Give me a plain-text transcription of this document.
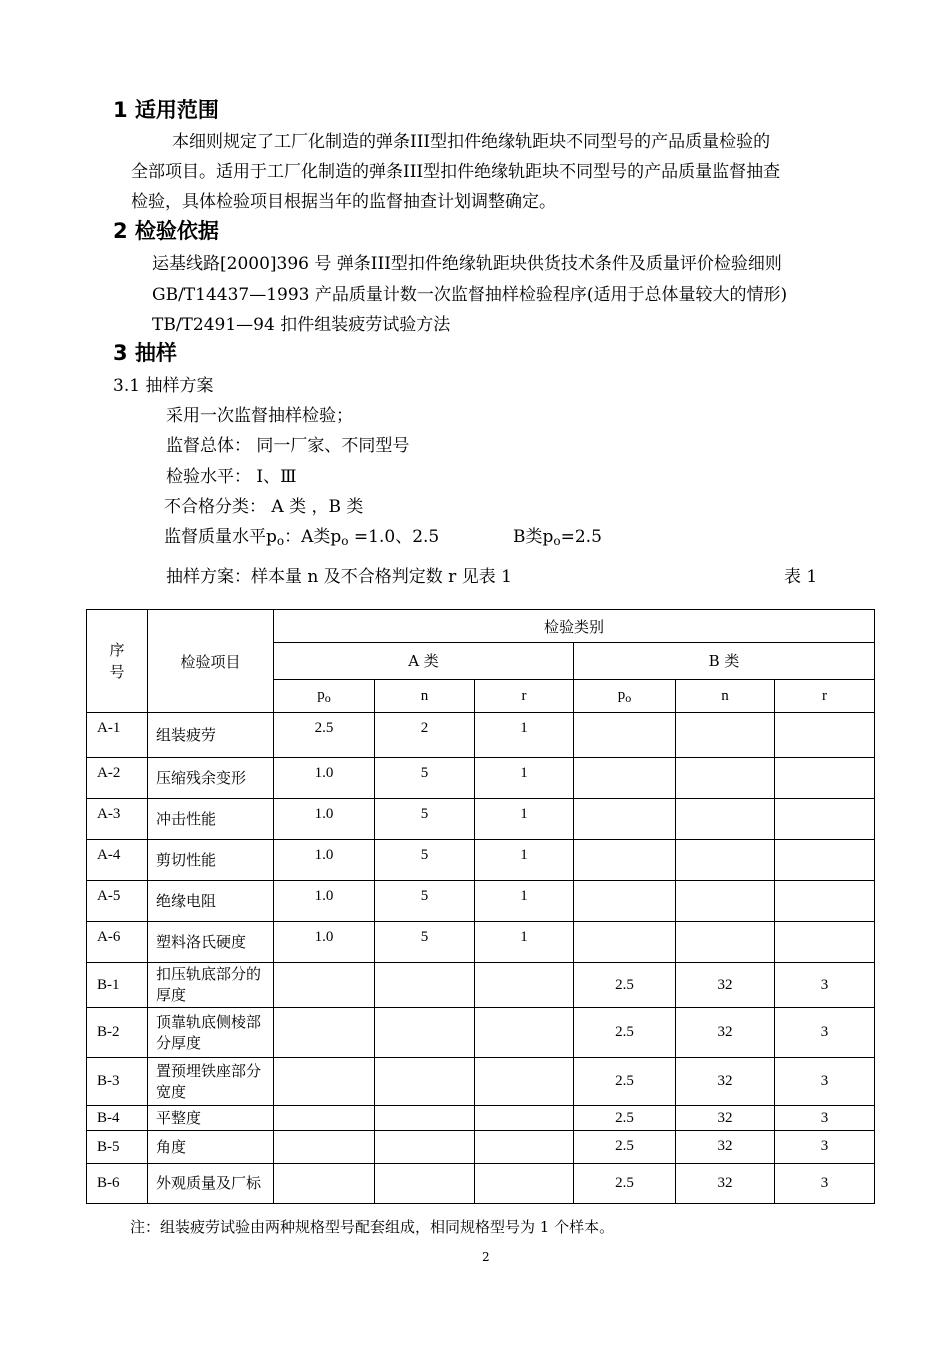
1 适用范围
本细则规定了工厂化制造的弹条III型扣件绝缘轨距块不同型号的产品质量检验的
全部项目。适用于工厂化制造的弹条III型扣件绝缘轨距块不同型号的产品质量监督抽查
检验，具体检验项目根据当年的监督抽查计划调整确定。
2 检验依据
运基线路[2000]396 号 弹条III型扣件绝缘轨距块供货技术条件及质量评价检验细则
GB/T14437—1993 产品质量计数一次监督抽样检验程序(适用于总体量较大的情形)
TB/T2491—94 扣件组装疲劳试验方法
3 抽样
3.1 抽样方案
采用一次监督抽样检验；
监督总体： 同一厂家、不同型号
检验水平： Ⅰ、Ⅲ
不合格分类： A 类 ，B 类
监督质量水平$p_o$：A类$p_o =1.0$、2.5	B类$p_o=2.5$
抽样方案：样本量 n 及不合格判定数 r 见表 1	表 1
序号	检验项目	检验类别					
		A 类			B 类		
		$p_o$	n	r	$p_o$	n	r
A-1	组装疲劳	2.5	2	1			
A-2	压缩残余变形	1.0	5	1			
A-3	冲击性能	1.0	5	1			
A-4	剪切性能	1.0	5	1			
A-5	绝缘电阻	1.0	5	1			
A-6	塑料洛氏硬度	1.0	5	1			
B-1	扣压轨底部分的厚度				2.5	32	3
B-2	顶靠轨底侧棱部分厚度				2.5	32	3
B-3	置预埋铁座部分宽度				2.5	32	3
B-4	平整度				2.5	32	3
B-5	角度				2.5	32	3
B-6	外观质量及厂标				2.5	32	3
注：组装疲劳试验由两种规格型号配套组成，相同规格型号为 1 个样本。
2
